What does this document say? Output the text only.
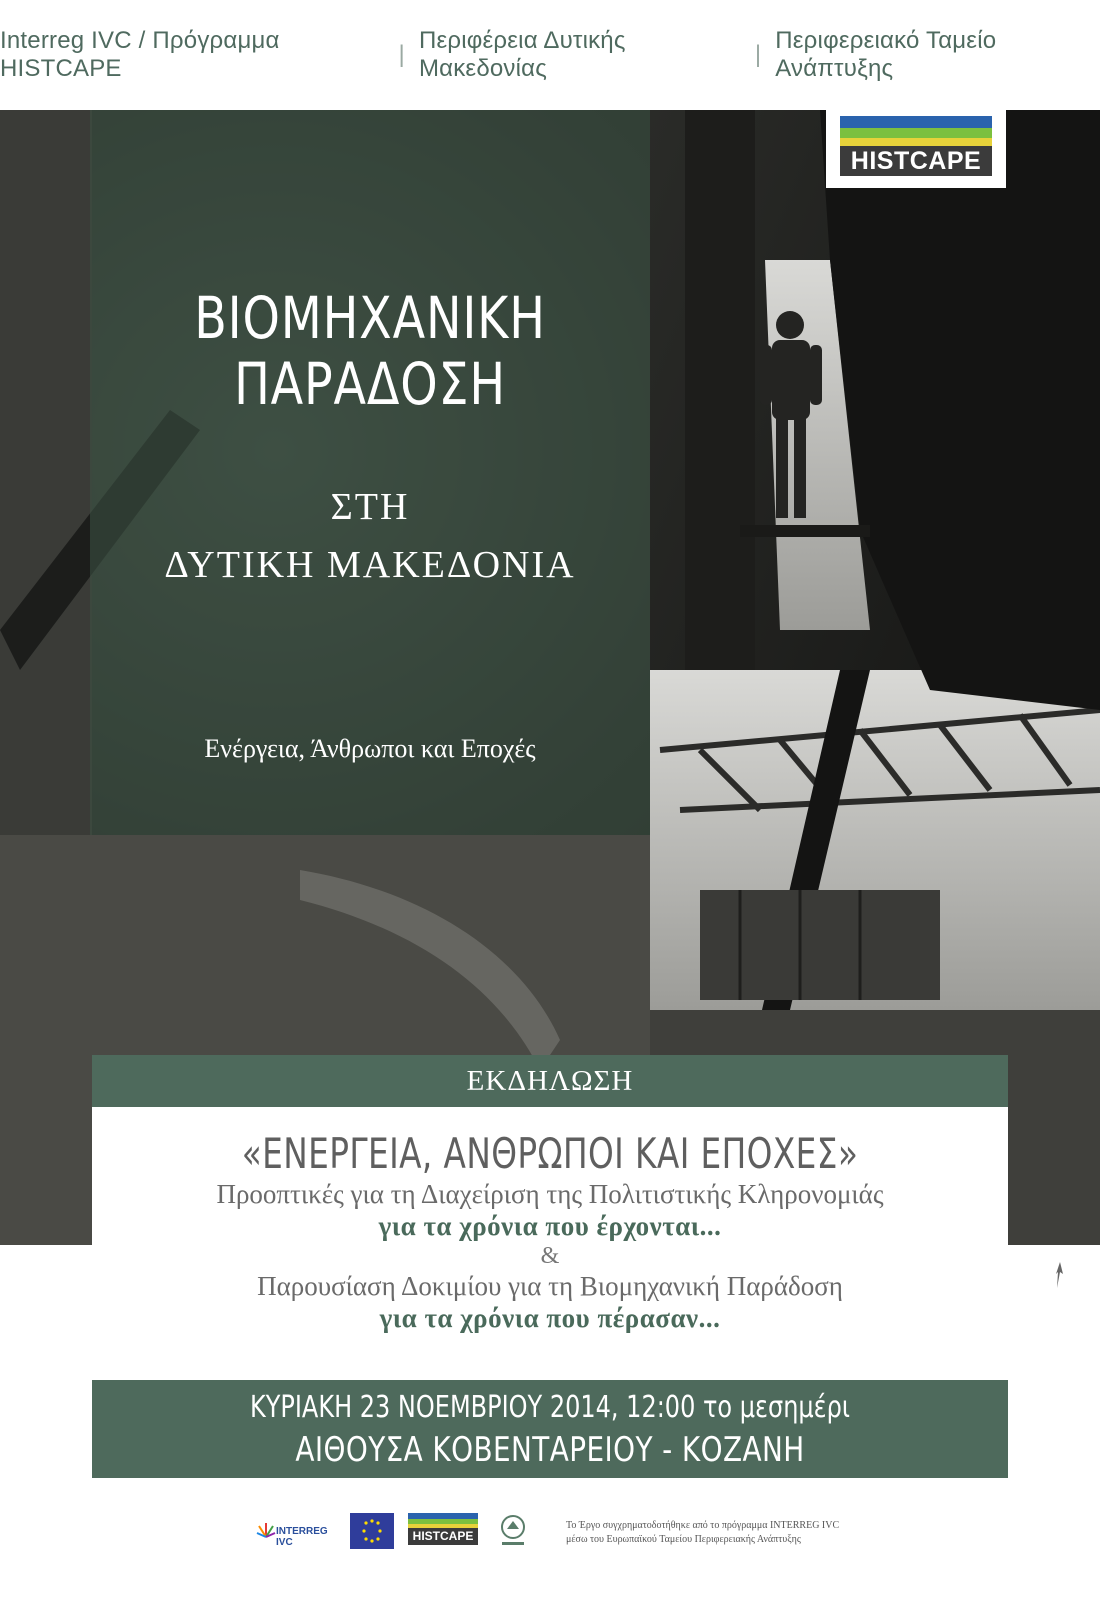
Interreg IVC / Πρόγραμμα HISTCAPE
|
Περιφέρεια Δυτικής Μακεδονίας
|
Περιφερειακό Ταμείο Ανάπτυξης
HISTCAPE
ΒΙΟΜΗΧΑΝΙΚΗ
ΠΑΡΑΔΟΣΗ
ΣΤΗ
ΔΥΤΙΚΗ ΜΑΚΕΔΟΝΙΑ
Ενέργεια, Άνθρωποι και Εποχές
ΕΚΔΗΛΩΣΗ
«ΕΝΕΡΓΕΙΑ, ΑΝΘΡΩΠΟΙ ΚΑΙ ΕΠΟΧΕΣ»
Προοπτικές για τη Διαχείριση της Πολιτιστικής Κληρονομιάς
για τα χρόνια που έρχονται...
&
Παρουσίαση Δοκιμίου για τη Βιομηχανική Παράδοση
για τα χρόνια που πέρασαν...
ΚΥΡΙΑΚΗ 23 ΝΟΕΜΒΡΙΟΥ 2014, 12:00 το μεσημέρι
ΑΙΘΟΥΣΑ ΚΟΒΕΝΤΑΡΕΙΟΥ - ΚΟΖΑΝΗ
INTERREG IVC	HISTCAPE
Το Έργο συγχρηματοδοτήθηκε από το πρόγραμμα INTERREG IVC
μέσω του Ευρωπαϊκού Ταμείου Περιφερειακής Ανάπτυξης
